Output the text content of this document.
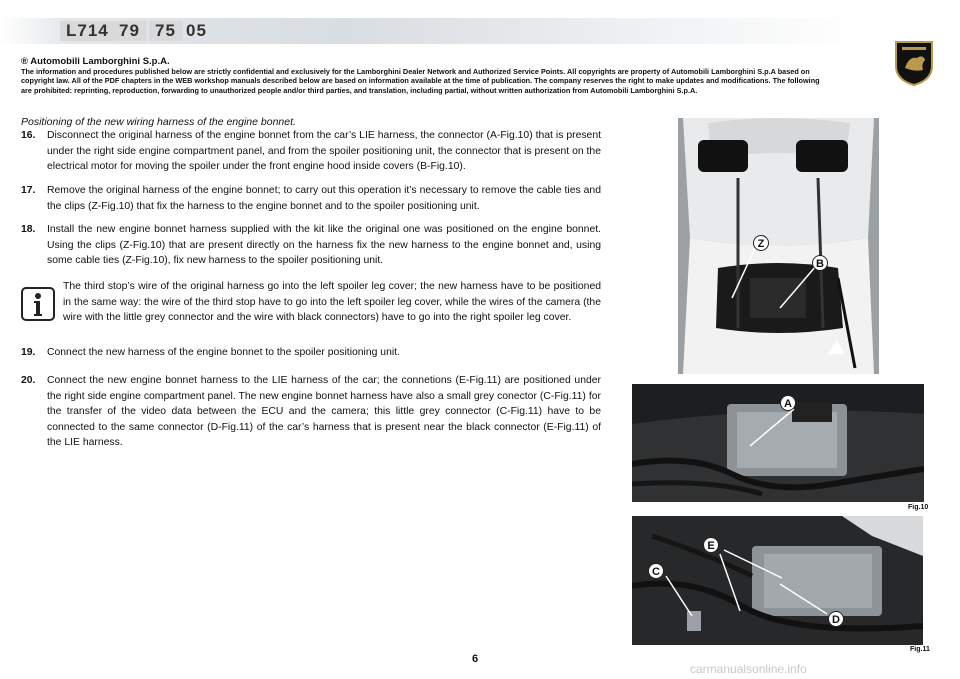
L714 79 75 05
® Automobili Lamborghini S.p.A.
The information and procedures published below are strictly confidential and exclusively for the Lamborghini Dealer Network and Authorized Service Points. All copyrights are property of Automobili Lamborghini S.p.A based on copyright law. All of the PDF chapters in the WEB workshop manuals described below are based on information available at the time of publication. The company reserves the right to make updates and modifications. The following are prohibited: reprinting, reproduction, forwarding to unauthorized people and/or third parties, and translation, including partial, without written authorization from Automobili Lamborghini S.p.A.
Positioning of the new wiring harness of the engine bonnet.
16. Disconnect the original harness of the engine bonnet from the car’s LIE harness, the connector (A-Fig.10) that is present under the right side engine compartment panel, and from the spoiler positioning unit, the connector that is present on the electrical motor for moving the spoiler under the front engine hood inside covers (B-Fig.10).
17. Remove the original harness of the engine bonnet; to carry out this operation it’s necessary to remove the cable ties and the clips (Z-Fig.10) that fix the harness to the engine bonnet and to the spoiler positioning unit.
18. Install the new engine bonnet harness supplied with the kit like the original one was positioned on the engine bonnet. Using the clips (Z-Fig.10) that are present directly on the harness fix the new harness to the engine bonnet and, using some cable ties (Z-Fig.10), fix new harness to the spoiler positioning unit.
The third stop’s wire of the original harness go into the left spoiler leg cover; the new harness have to be positioned in the same way: the wire of the third stop have to go into the left spoiler leg cover, while the wires of the camera (the wire with the little grey connector and the wire with black connectors) have to go into the right spoiler leg cover.
19. Connect the new harness of the engine bonnet to the spoiler positioning unit.
20. Connect the new engine bonnet harness to the LIE harness of the car; the connetions (E-Fig.11) are positioned under the right side engine compartment panel. The new engine bonnet harness have also a small grey conector (C-Fig.11) for the transfer of the video data between the ECU and the camera; this little grey connector (C-Fig.11) have to be connected to the same connector (D-Fig.11) of the car’s harness that is present near the black connector (E-Fig.11) of the LIE harness.
Z
B
A
Fig.10
E
C
D
Fig.11
6
carmanualsonline.info
